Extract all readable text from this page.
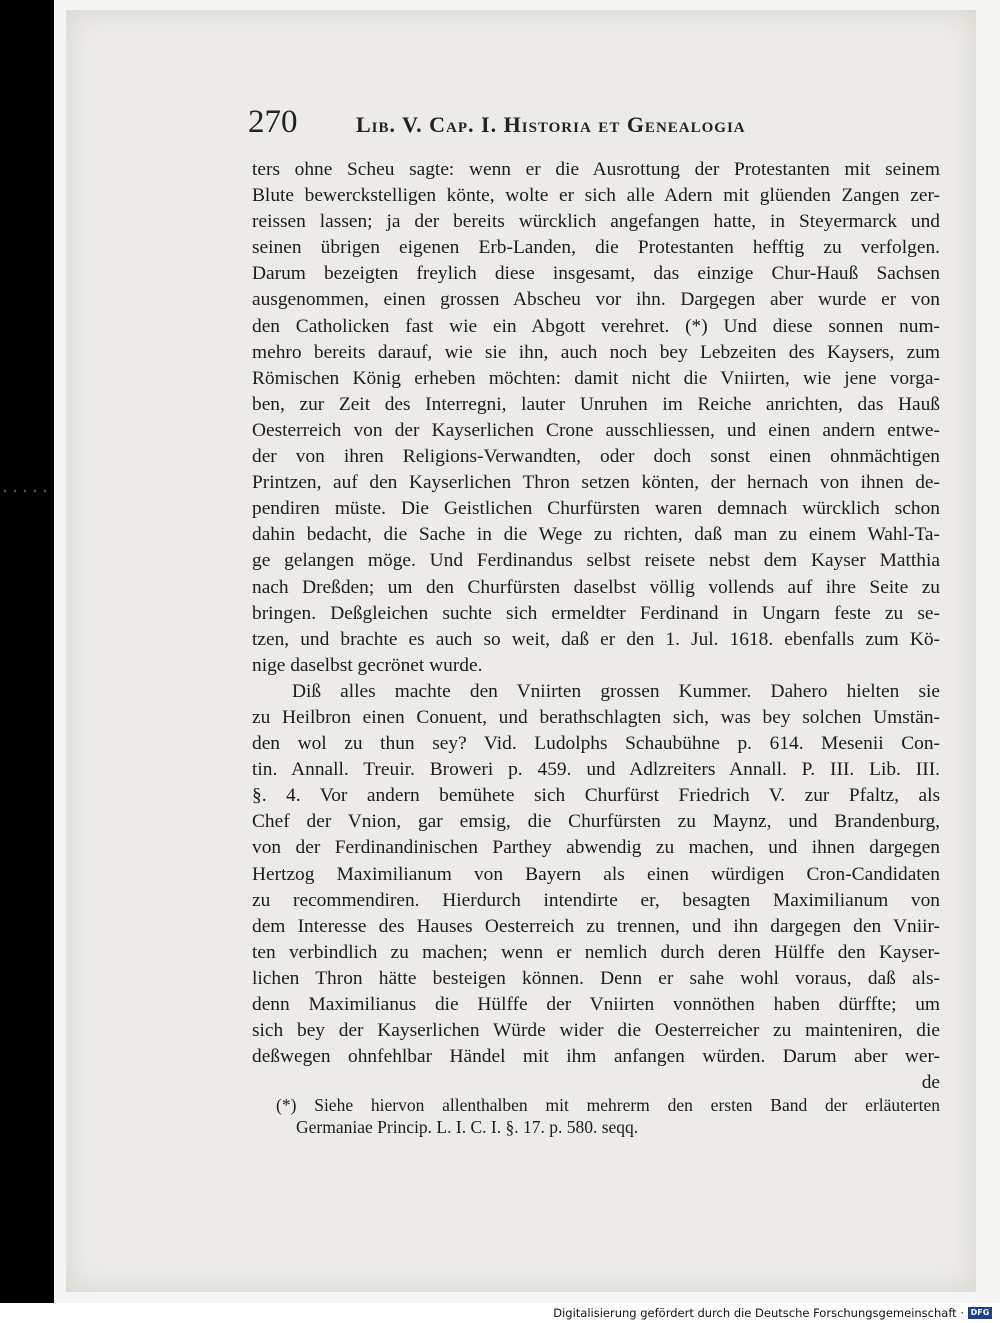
270	Lib. V. Cap. I. Historia et Genealogia
ters ohne Scheu sagte: wenn er die Ausrottung der Protestanten mit seinem
Blute bewerckstelligen könte, wolte er sich alle Adern mit glüenden Zangen zer-
reissen lassen; ja der bereits würcklich angefangen hatte, in Steyermarck und
seinen übrigen eigenen Erb-Landen, die Protestanten hefftig zu verfolgen.
Darum bezeigten freylich diese insgesamt, das einzige Chur-Hauß Sachsen
ausgenommen, einen grossen Abscheu vor ihn. Dargegen aber wurde er von
den Catholicken fast wie ein Abgott verehret. (*) Und diese sonnen num-
mehro bereits darauf, wie sie ihn, auch noch bey Lebzeiten des Kaysers, zum
Römischen König erheben möchten: damit nicht die Vniirten, wie jene vorga-
ben, zur Zeit des Interregni, lauter Unruhen im Reiche anrichten, das Hauß
Oesterreich von der Kayserlichen Crone ausschliessen, und einen andern entwe-
der von ihren Religions-Verwandten, oder doch sonst einen ohnmächtigen
Printzen, auf den Kayserlichen Thron setzen könten, der hernach von ihnen de-
pendiren müste. Die Geistlichen Churfürsten waren demnach würcklich schon
dahin bedacht, die Sache in die Wege zu richten, daß man zu einem Wahl-Ta-
ge gelangen möge. Und Ferdinandus selbst reisete nebst dem Kayser Matthia
nach Dreßden; um den Churfürsten daselbst völlig vollends auf ihre Seite zu
bringen. Deßgleichen suchte sich ermeldter Ferdinand in Ungarn feste zu se-
tzen, und brachte es auch so weit, daß er den 1. Jul. 1618. ebenfalls zum Kö-
nige daselbst gecrönet wurde.
Diß alles machte den Vniirten grossen Kummer. Dahero hielten sie
zu Heilbron einen Conuent, und berathschlagten sich, was bey solchen Umstän-
den wol zu thun sey? Vid. Ludolphs Schaubühne p. 614. Mesenii Con-
tin. Annall. Treuir. Broweri p. 459. und Adlzreiters Annall. P. III. Lib. III.
§. 4. Vor andern bemühete sich Churfürst Friedrich V. zur Pfaltz, als
Chef der Vnion, gar emsig, die Churfürsten zu Maynz, und Brandenburg,
von der Ferdinandinischen Parthey abwendig zu machen, und ihnen dargegen
Hertzog Maximilianum von Bayern als einen würdigen Cron-Candidaten
zu recommendiren. Hierdurch intendirte er, besagten Maximilianum von
dem Interesse des Hauses Oesterreich zu trennen, und ihn dargegen den Vniir-
ten verbindlich zu machen; wenn er nemlich durch deren Hülffe den Kayser-
lichen Thron hätte besteigen können. Denn er sahe wohl voraus, daß als-
denn Maximilianus die Hülffe der Vniirten vonnöthen haben dürffte; um
sich bey der Kayserlichen Würde wider die Oesterreicher zu mainteniren, die
deßwegen ohnfehlbar Händel mit ihm anfangen würden. Darum aber wer-
de
(*) Siehe hiervon allenthalben mit mehrerm den ersten Band der erläuterten
Germaniae Princip. L. I. C. I. §. 17. p. 580. seqq.
Digitalisierung gefördert durch die Deutsche Forschungsgemeinschaft · DFG
